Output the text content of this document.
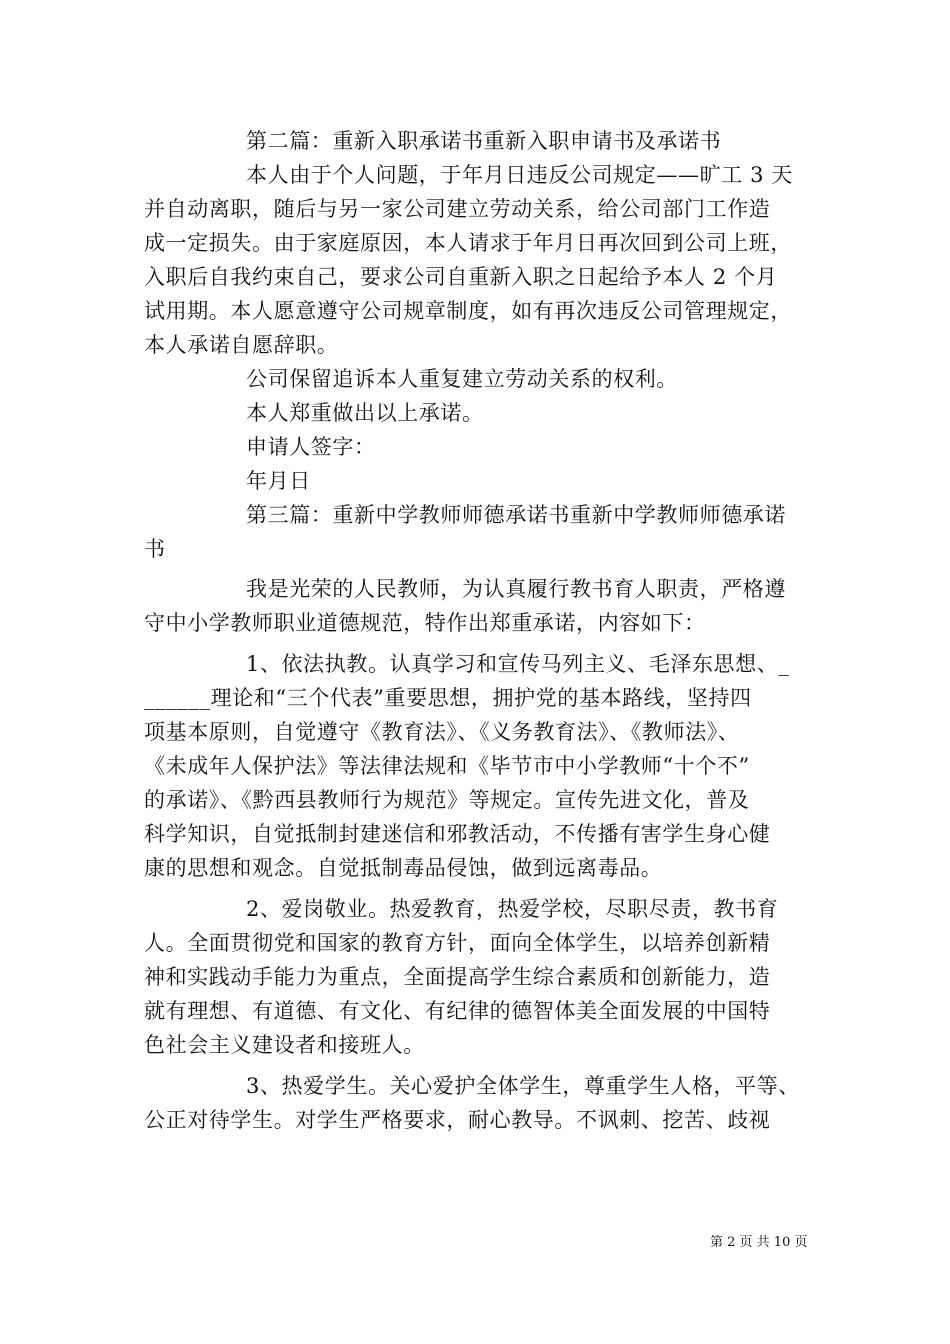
第二篇：重新入职承诺书重新入职申请书及承诺书
本人由于个人问题，于年月日违反公司规定——旷工 3 天
并自动离职，随后与另一家公司建立劳动关系，给公司部门工作造
成一定损失。由于家庭原因，本人请求于年月日再次回到公司上班，
入职后自我约束自己，要求公司自重新入职之日起给予本人 2 个月
试用期。本人愿意遵守公司规章制度，如有再次违反公司管理规定，
本人承诺自愿辞职。
公司保留追诉本人重复建立劳动关系的权利。
本人郑重做出以上承诺。
申请人签字：
年月日
第三篇：重新中学教师师德承诺书重新中学教师师德承诺
书
我是光荣的人民教师，为认真履行教书育人职责，严格遵
守中小学教师职业道德规范，特作出郑重承诺，内容如下：
1、依法执教。认真学习和宣传马列主义、毛泽东思想、_
______理论和“三个代表”重要思想，拥护党的基本路线，坚持四
项基本原则，自觉遵守《教育法》、《义务教育法》、《教师法》、
《未成年人保护法》等法律法规和《毕节市中小学教师“十个不”
的承诺》、《黔西县教师行为规范》等规定。宣传先进文化，普及
科学知识，自觉抵制封建迷信和邪教活动，不传播有害学生身心健
康的思想和观念。自觉抵制毒品侵蚀，做到远离毒品。
2、爱岗敬业。热爱教育，热爱学校，尽职尽责，教书育
人。全面贯彻党和国家的教育方针，面向全体学生，以培养创新精
神和实践动手能力为重点，全面提高学生综合素质和创新能力，造
就有理想、有道德、有文化、有纪律的德智体美全面发展的中国特
色社会主义建设者和接班人。
3、热爱学生。关心爱护全体学生，尊重学生人格，平等、
公正对待学生。对学生严格要求，耐心教导。不讽刺、挖苦、歧视
第 2 页 共 10 页
